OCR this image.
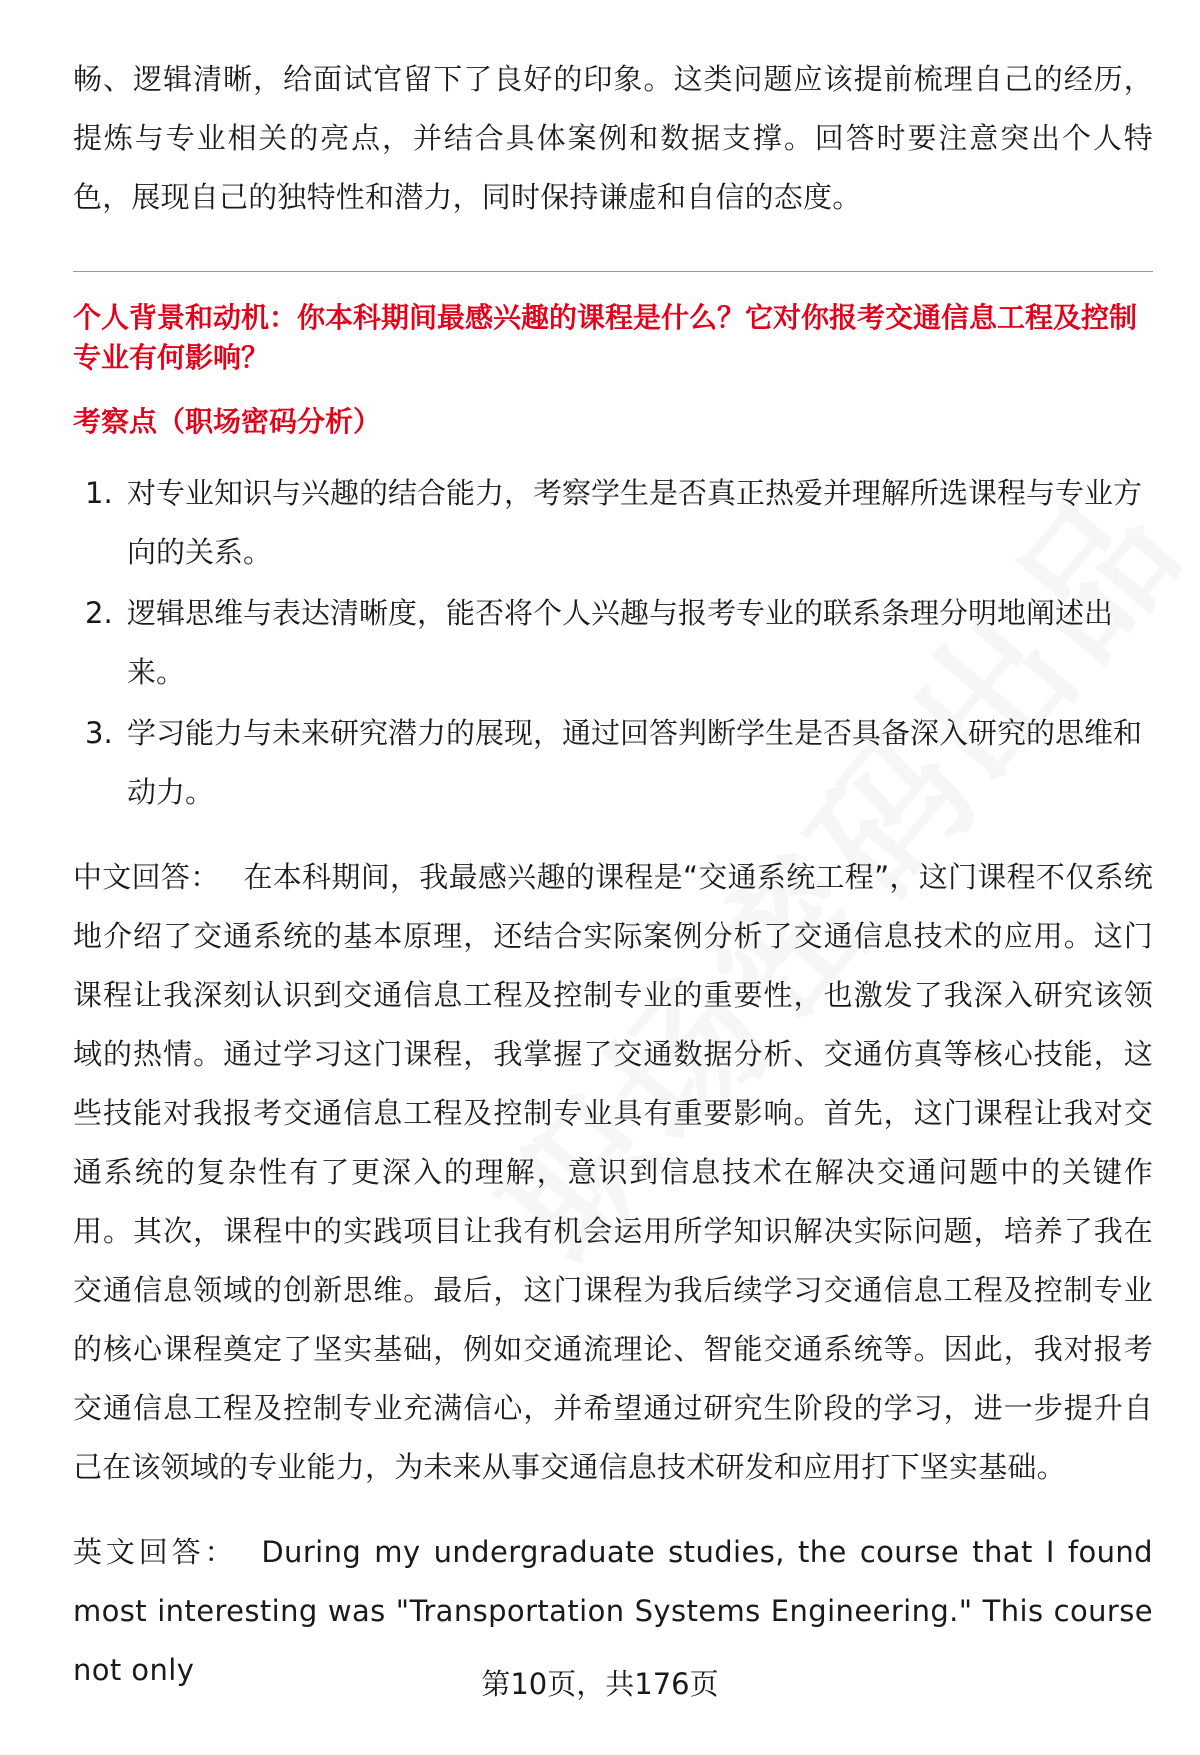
畅、逻辑清晰，给面试官留下了良好的印象。这类问题应该提前梳理自己的经历，提炼与专业相关的亮点，并结合具体案例和数据支撑。回答时要注意突出个人特色，展现自己的独特性和潜力，同时保持谦虚和自信的态度。

个人背景和动机：你本科期间最感兴趣的课程是什么？它对你报考交通信息工程及控制专业有何影响？
考察点（职场密码分析）
1. 对专业知识与兴趣的结合能力，考察学生是否真正热爱并理解所选课程与专业方向的关系。
2. 逻辑思维与表达清晰度，能否将个人兴趣与报考专业的联系条理分明地阐述出来。
3. 学习能力与未来研究潜力的展现，通过回答判断学生是否具备深入研究的思维和动力。

中文回答： 在本科期间，我最感兴趣的课程是“交通系统工程”，这门课程不仅系统地介绍了交通系统的基本原理，还结合实际案例分析了交通信息技术的应用。这门课程让我深刻认识到交通信息工程及控制专业的重要性，也激发了我深入研究该领域的热情。通过学习这门课程，我掌握了交通数据分析、交通仿真等核心技能，这些技能对我报考交通信息工程及控制专业具有重要影响。首先，这门课程让我对交通系统的复杂性有了更深入的理解，意识到信息技术在解决交通问题中的关键作用。其次，课程中的实践项目让我有机会运用所学知识解决实际问题，培养了我在交通信息领域的创新思维。最后，这门课程为我后续学习交通信息工程及控制专业的核心课程奠定了坚实基础，例如交通流理论、智能交通系统等。因此，我对报考交通信息工程及控制专业充满信心，并希望通过研究生阶段的学习，进一步提升自己在该领域的专业能力，为未来从事交通信息技术研发和应用打下坚实基础。

英文回答： During my undergraduate studies, the course that I found most interesting was "Transportation Systems Engineering." This course not only	第10页，共176页
